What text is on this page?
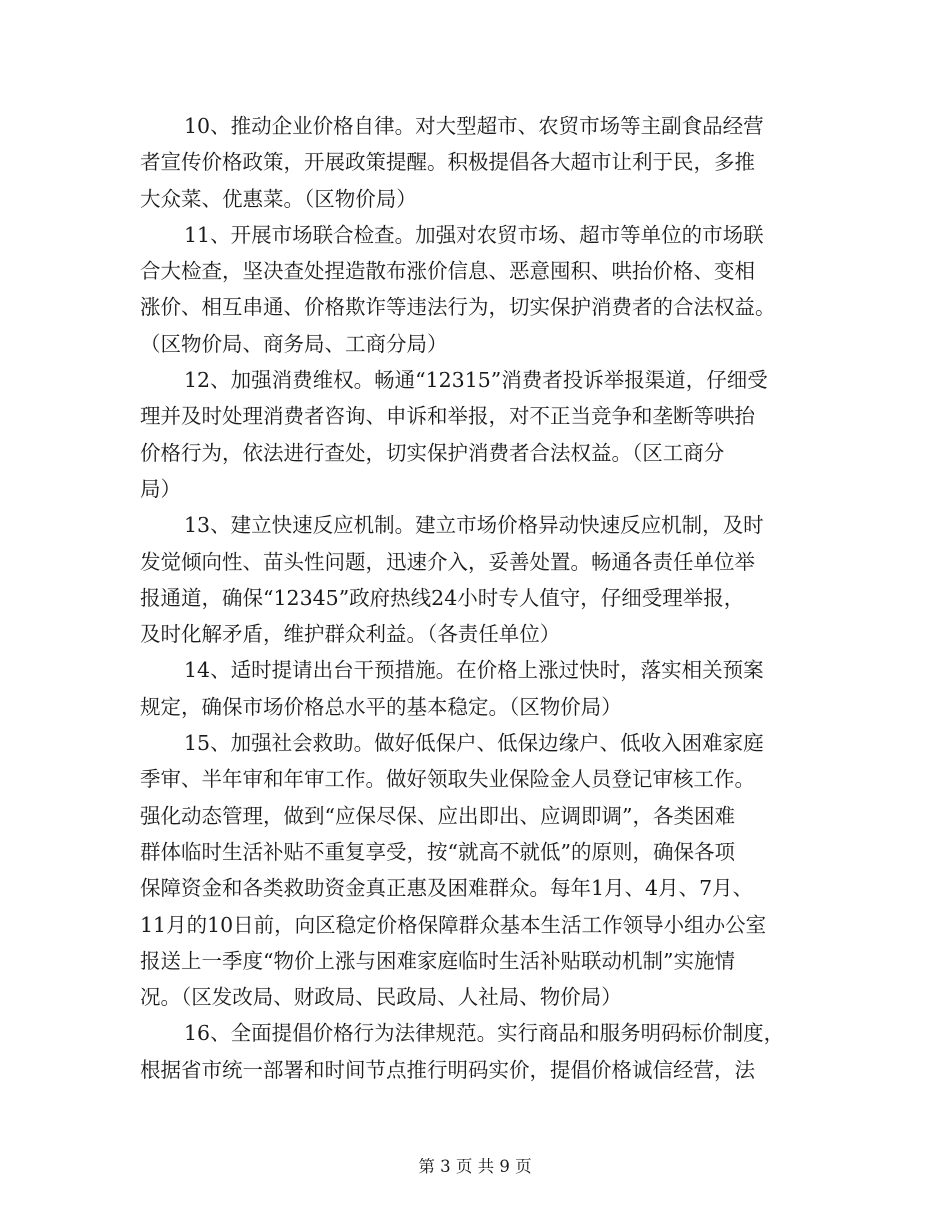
10、推动企业价格自律。对大型超市、农贸市场等主副食品经营
者宣传价格政策，开展政策提醒。积极提倡各大超市让利于民，多推
大众菜、优惠菜。（区物价局）
11、开展市场联合检查。加强对农贸市场、超市等单位的市场联
合大检查，坚决查处捏造散布涨价信息、恶意囤积、哄抬价格、变相
涨价、相互串通、价格欺诈等违法行为，切实保护消费者的合法权益。
（区物价局、商务局、工商分局）
12、加强消费维权。畅通“12315”消费者投诉举报渠道，仔细受
理并及时处理消费者咨询、申诉和举报，对不正当竞争和垄断等哄抬
价格行为，依法进行查处，切实保护消费者合法权益。（区工商分
局）
13、建立快速反应机制。建立市场价格异动快速反应机制，及时
发觉倾向性、苗头性问题，迅速介入，妥善处置。畅通各责任单位举
报通道，确保“12345”政府热线24小时专人值守，仔细受理举报，
及时化解矛盾，维护群众利益。（各责任单位）
14、适时提请出台干预措施。在价格上涨过快时，落实相关预案
规定，确保市场价格总水平的基本稳定。（区物价局）
15、加强社会救助。做好低保户、低保边缘户、低收入困难家庭
季审、半年审和年审工作。做好领取失业保险金人员登记审核工作。
强化动态管理，做到“应保尽保、应出即出、应调即调”，各类困难
群体临时生活补贴不重复享受，按“就高不就低”的原则，确保各项
保障资金和各类救助资金真正惠及困难群众。每年1月、4月、7月、
11月的10日前，向区稳定价格保障群众基本生活工作领导小组办公室
报送上一季度“物价上涨与困难家庭临时生活补贴联动机制”实施情
况。（区发改局、财政局、民政局、人社局、物价局）
16、全面提倡价格行为法律规范。实行商品和服务明码标价制度，
根据省市统一部署和时间节点推行明码实价，提倡价格诚信经营，法
第 3 页 共 9 页
